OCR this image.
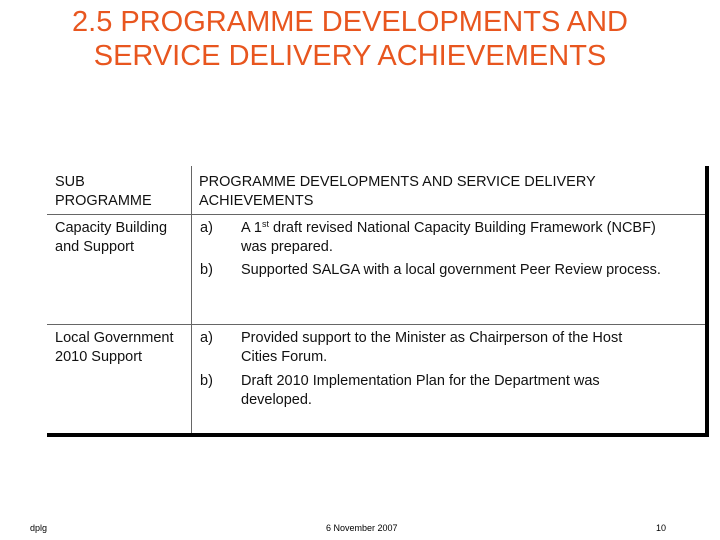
2.5 PROGRAMME DEVELOPMENTS AND
SERVICE DELIVERY ACHIEVEMENTS
SUB
PROGRAMME
PROGRAMME DEVELOPMENTS AND SERVICE DELIVERY
ACHIEVEMENTS
Capacity Building
and Support
a) A 1st draft revised National Capacity Building Framework (NCBF)
was prepared.
b) Supported SALGA with a local government Peer Review process.
Local Government
2010 Support
a) Provided support to the Minister as Chairperson of the Host
Cities Forum.
b) Draft 2010 Implementation Plan for the Department was
developed.
dplg	6 November 2007	10
